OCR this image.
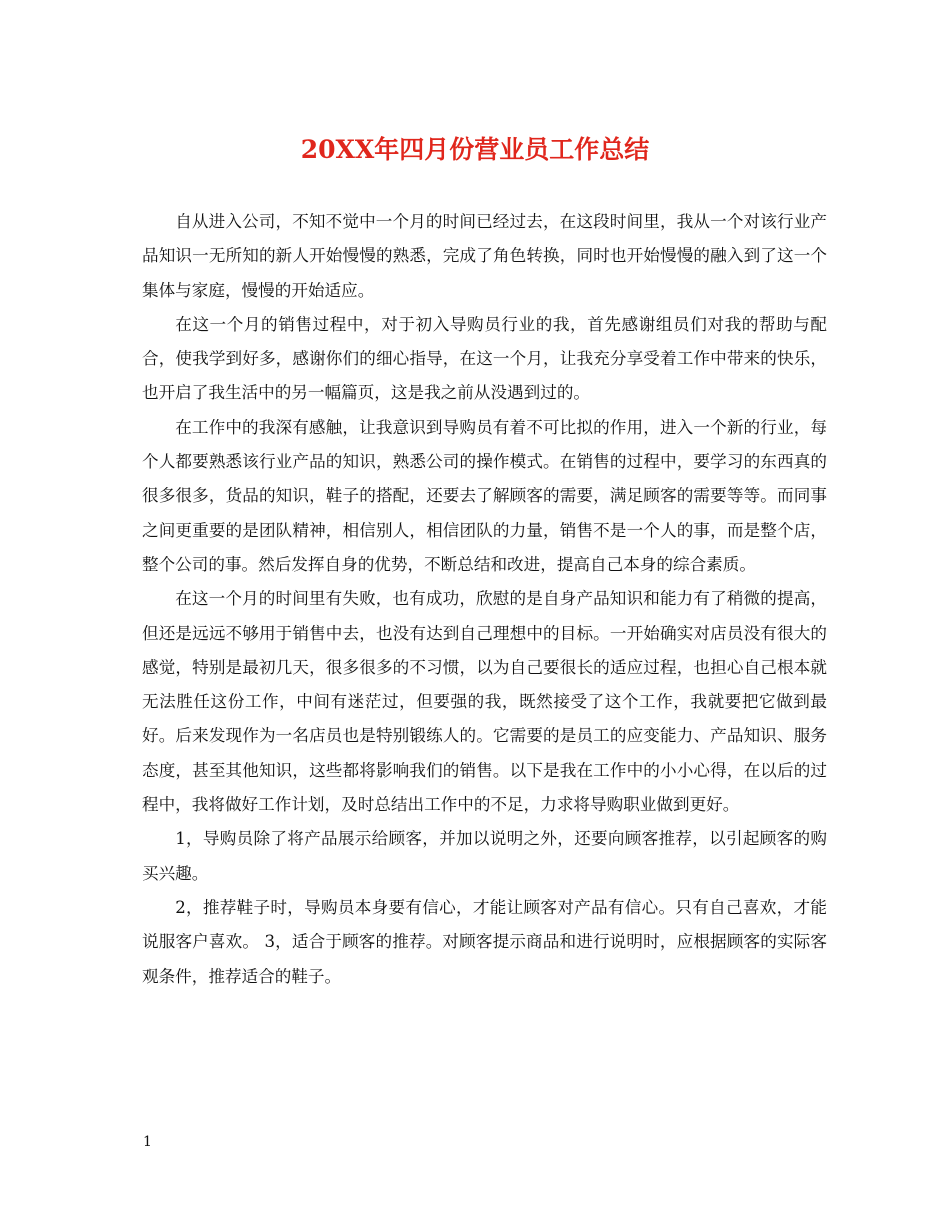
20XX年四月份营业员工作总结

自从进入公司，不知不觉中一个月的时间已经过去，在这段时间里，我从一个对该行业产品知识一无所知的新人开始慢慢的熟悉，完成了角色转换，同时也开始慢慢的融入到了这一个集体与家庭，慢慢的开始适应。

在这一个月的销售过程中，对于初入导购员行业的我，首先感谢组员们对我的帮助与配合，使我学到好多，感谢你们的细心指导，在这一个月，让我充分享受着工作中带来的快乐，也开启了我生活中的另一幅篇页，这是我之前从没遇到过的。

在工作中的我深有感触，让我意识到导购员有着不可比拟的作用，进入一个新的行业，每个人都要熟悉该行业产品的知识，熟悉公司的操作模式。在销售的过程中，要学习的东西真的很多很多，货品的知识，鞋子的搭配，还要去了解顾客的需要，满足顾客的需要等等。而同事之间更重要的是团队精神，相信别人，相信团队的力量，销售不是一个人的事，而是整个店，整个公司的事。然后发挥自身的优势，不断总结和改进，提高自己本身的综合素质。

在这一个月的时间里有失败，也有成功，欣慰的是自身产品知识和能力有了稍微的提高，但还是远远不够用于销售中去，也没有达到自己理想中的目标。一开始确实对店员没有很大的感觉，特别是最初几天，很多很多的不习惯，以为自己要很长的适应过程，也担心自己根本就无法胜任这份工作，中间有迷茫过，但要强的我，既然接受了这个工作，我就要把它做到最好。后来发现作为一名店员也是特别锻练人的。它需要的是员工的应变能力、产品知识、服务态度，甚至其他知识，这些都将影响我们的销售。以下是我在工作中的小小心得，在以后的过程中，我将做好工作计划，及时总结出工作中的不足，力求将导购职业做到更好。

1，导购员除了将产品展示给顾客，并加以说明之外，还要向顾客推荐，以引起顾客的购买兴趣。

2，推荐鞋子时，导购员本身要有信心，才能让顾客对产品有信心。只有自己喜欢，才能说服客户喜欢。 3，适合于顾客的推荐。对顾客提示商品和进行说明时，应根据顾客的实际客观条件，推荐适合的鞋子。

1
